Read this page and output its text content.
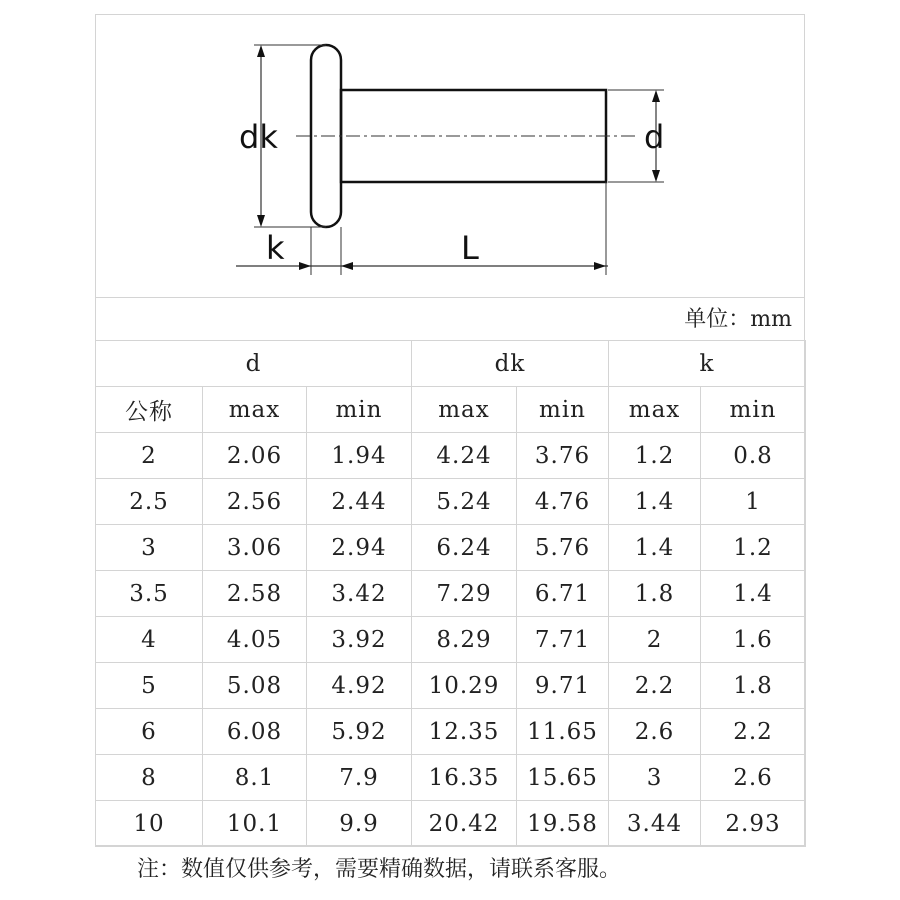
dk	d
k	L
单位：mm
d			dk		k	
公称	max	min	max	min	max	min
2	2.06	1.94	4.24	3.76	1.2	0.8
2.5	2.56	2.44	5.24	4.76	1.4	1
3	3.06	2.94	6.24	5.76	1.4	1.2
3.5	2.58	3.42	7.29	6.71	1.8	1.4
4	4.05	3.92	8.29	7.71	2	1.6
5	5.08	4.92	10.29	9.71	2.2	1.8
6	6.08	5.92	12.35	11.65	2.6	2.2
8	8.1	7.9	16.35	15.65	3	2.6
10	10.1	9.9	20.42	19.58	3.44	2.93
注：数值仅供参考，需要精确数据，请联系客服。
